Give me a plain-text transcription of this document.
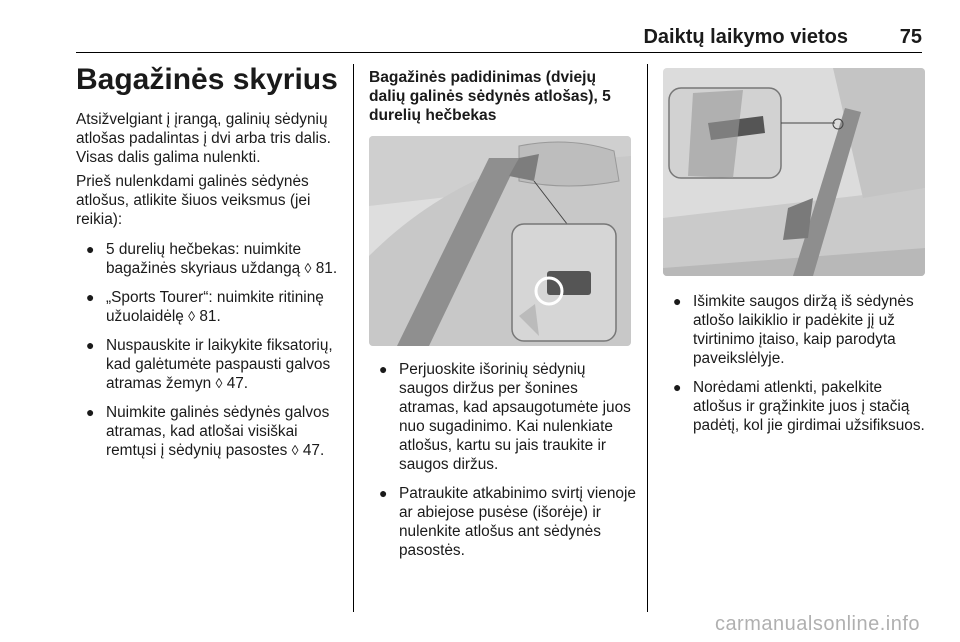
Daiktų laikymo vietos	75
Bagažinės skyrius

Atsižvelgiant į įrangą, galinių sėdynių atlošas padalintas į dvi arba tris dalis. Visas dalis galima nulenkti.

Prieš nulenkdami galinės sėdynės atlošus, atlikite šiuos veiksmus (jei reikia):

● 5 durelių hečbekas: nuimkite bagažinės skyriaus uždangą ◊ 81.
● „Sports Tourer“: nuimkite ritininę užuolaidėlę ◊ 81.
● Nuspauskite ir laikykite fiksatorių, kad galėtumėte paspausti galvos atramas žemyn ◊ 47.
● Nuimkite galinės sėdynės galvos atramas, kad atlošai visiškai remtųsi į sėdynių pasostes ◊ 47.
Bagažinės padidinimas (dviejų dalių galinės sėdynės atlošas), 5 durelių hečbekas
● Perjuoskite išorinių sėdynių saugos diržus per šonines atramas, kad apsaugotumėte juos nuo sugadinimo. Kai nulenkiate atlošus, kartu su jais traukite ir saugos diržus.
● Patraukite atkabinimo svirtį vienoje ar abiejose pusėse (išorėje) ir nulenkite atlošus ant sėdynės pasostės.
● Išimkite saugos diržą iš sėdynės atlošo laikiklio ir padėkite jį už tvirtinimo įtaiso, kaip parodyta paveikslėlyje.
● Norėdami atlenkti, pakelkite atlošus ir grąžinkite juos į stačią padėtį, kol jie girdimai užsifiksuos.
carmanualsonline.info
